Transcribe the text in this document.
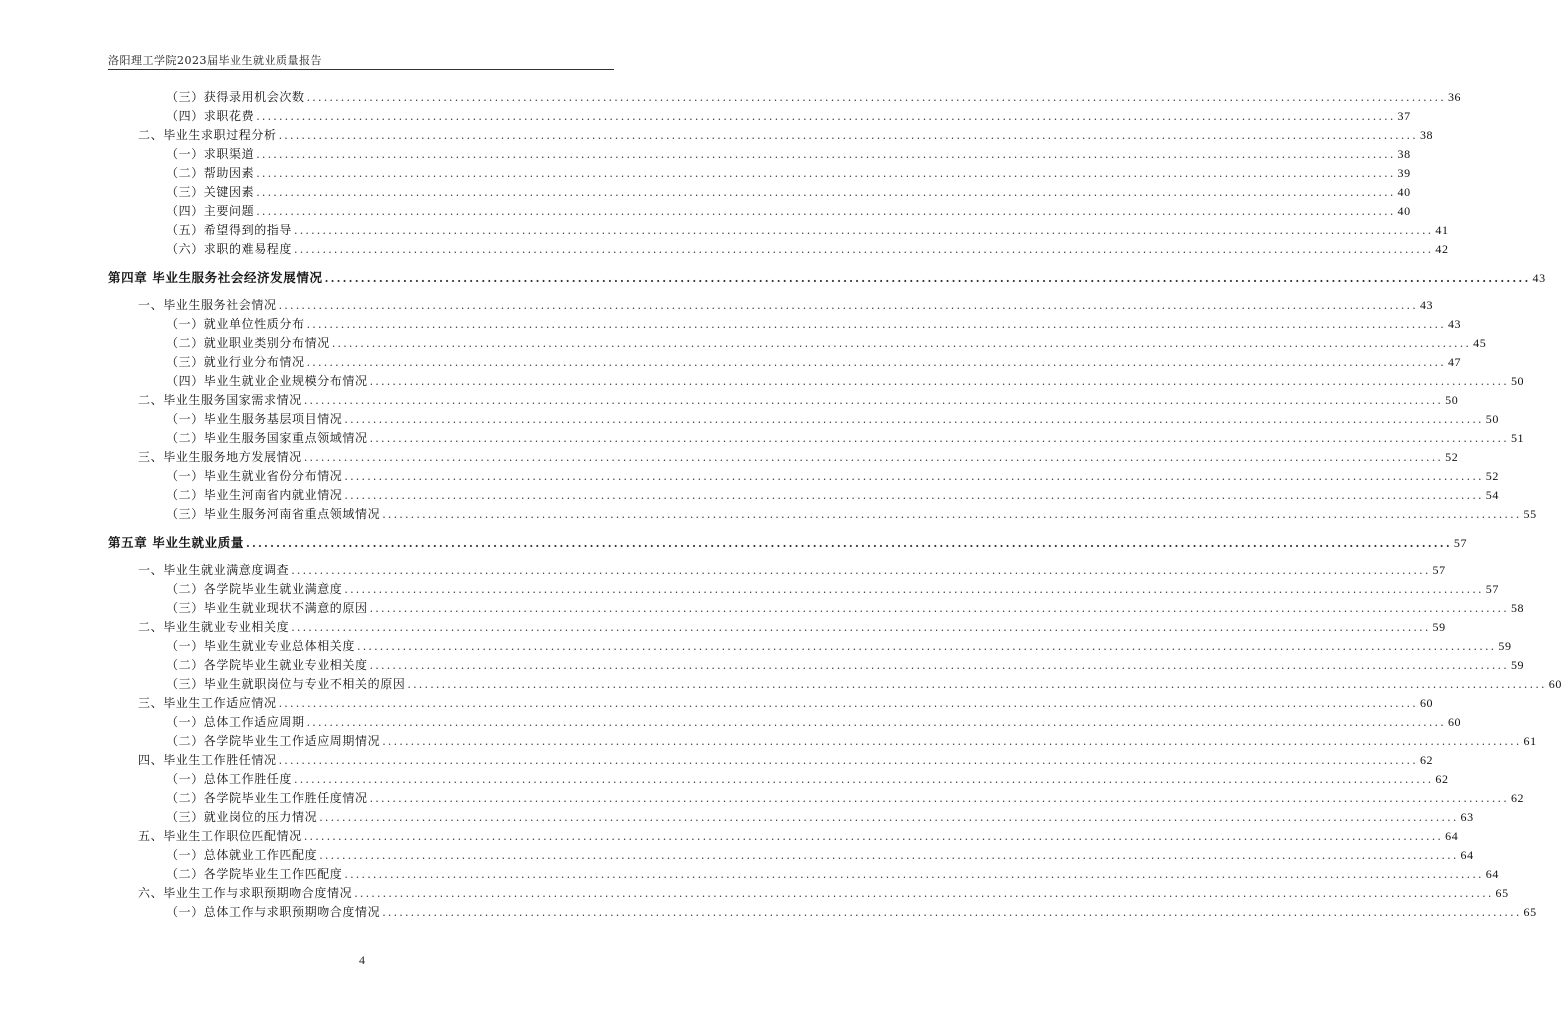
洛阳理工学院2023届毕业生就业质量报告
（三）获得录用机会次数 ........................................................................................................................................................................................................ 36
（四）求职花费 ........................................................................................................................................................................................................ 37
二、毕业生求职过程分析 ........................................................................................................................................................................................................ 38
（一）求职渠道 ........................................................................................................................................................................................................ 38
（二）帮助因素 ........................................................................................................................................................................................................ 39
（三）关键因素 ........................................................................................................................................................................................................ 40
（四）主要问题 ........................................................................................................................................................................................................ 40
（五）希望得到的指导 ........................................................................................................................................................................................................ 41
（六）求职的难易程度 ........................................................................................................................................................................................................ 42
第四章 毕业生服务社会经济发展情况 ........................................................................................................................................................................................................ 43
一、毕业生服务社会情况 ........................................................................................................................................................................................................ 43
（一）就业单位性质分布 ........................................................................................................................................................................................................ 43
（二）就业职业类别分布情况 ........................................................................................................................................................................................................ 45
（三）就业行业分布情况 ........................................................................................................................................................................................................ 47
（四）毕业生就业企业规模分布情况 ........................................................................................................................................................................................................ 50
二、毕业生服务国家需求情况 ........................................................................................................................................................................................................ 50
（一）毕业生服务基层项目情况 ........................................................................................................................................................................................................ 50
（二）毕业生服务国家重点领域情况 ........................................................................................................................................................................................................ 51
三、毕业生服务地方发展情况 ........................................................................................................................................................................................................ 52
（一）毕业生就业省份分布情况 ........................................................................................................................................................................................................ 52
（二）毕业生河南省内就业情况 ........................................................................................................................................................................................................ 54
（三）毕业生服务河南省重点领域情况 ........................................................................................................................................................................................................ 55
第五章 毕业生就业质量 ........................................................................................................................................................................................................ 57
一、毕业生就业满意度调查 ........................................................................................................................................................................................................ 57
（二）各学院毕业生就业满意度 ........................................................................................................................................................................................................ 57
（三）毕业生就业现状不满意的原因 ........................................................................................................................................................................................................ 58
二、毕业生就业专业相关度 ........................................................................................................................................................................................................ 59
（一）毕业生就业专业总体相关度 ........................................................................................................................................................................................................ 59
（二）各学院毕业生就业专业相关度 ........................................................................................................................................................................................................ 59
（三）毕业生就职岗位与专业不相关的原因 ........................................................................................................................................................................................................ 60
三、毕业生工作适应情况 ........................................................................................................................................................................................................ 60
（一）总体工作适应周期 ........................................................................................................................................................................................................ 60
（二）各学院毕业生工作适应周期情况 ........................................................................................................................................................................................................ 61
四、毕业生工作胜任情况 ........................................................................................................................................................................................................ 62
（一）总体工作胜任度 ........................................................................................................................................................................................................ 62
（二）各学院毕业生工作胜任度情况 ........................................................................................................................................................................................................ 62
（三）就业岗位的压力情况 ........................................................................................................................................................................................................ 63
五、毕业生工作职位匹配情况 ........................................................................................................................................................................................................ 64
（一）总体就业工作匹配度 ........................................................................................................................................................................................................ 64
（二）各学院毕业生工作匹配度 ........................................................................................................................................................................................................ 64
六、毕业生工作与求职预期吻合度情况 ........................................................................................................................................................................................................ 65
（一）总体工作与求职预期吻合度情况 ........................................................................................................................................................................................................ 65
4
